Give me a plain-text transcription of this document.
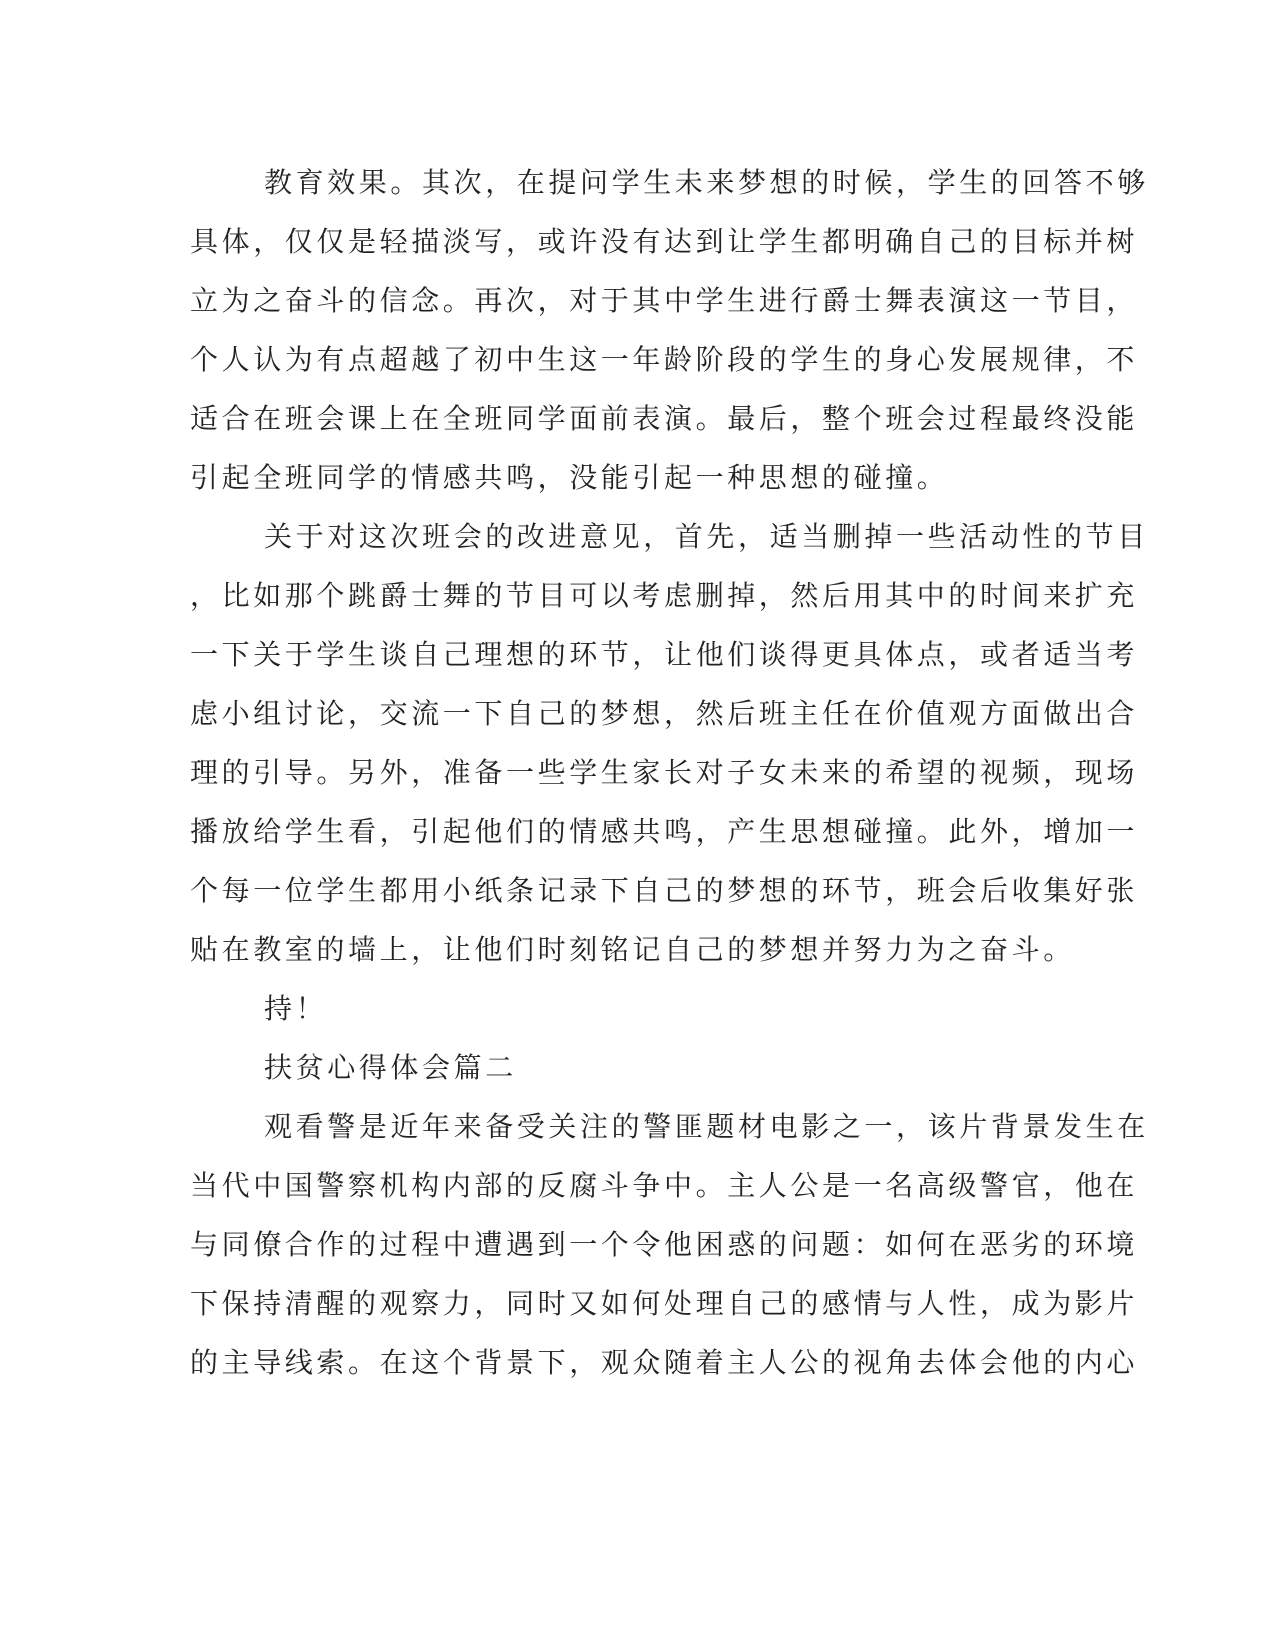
教育效果。其次，在提问学生未来梦想的时候，学生的回答不够
具体，仅仅是轻描淡写，或许没有达到让学生都明确自己的目标并树
立为之奋斗的信念。再次，对于其中学生进行爵士舞表演这一节目，
个人认为有点超越了初中生这一年龄阶段的学生的身心发展规律，不
适合在班会课上在全班同学面前表演。最后，整个班会过程最终没能
引起全班同学的情感共鸣，没能引起一种思想的碰撞。
关于对这次班会的改进意见，首先，适当删掉一些活动性的节目
，比如那个跳爵士舞的节目可以考虑删掉，然后用其中的时间来扩充
一下关于学生谈自己理想的环节，让他们谈得更具体点，或者适当考
虑小组讨论，交流一下自己的梦想，然后班主任在价值观方面做出合
理的引导。另外，准备一些学生家长对子女未来的希望的视频，现场
播放给学生看，引起他们的情感共鸣，产生思想碰撞。此外，增加一
个每一位学生都用小纸条记录下自己的梦想的环节，班会后收集好张
贴在教室的墙上，让他们时刻铭记自己的梦想并努力为之奋斗。
持！
扶贫心得体会篇二
观看警是近年来备受关注的警匪题材电影之一，该片背景发生在
当代中国警察机构内部的反腐斗争中。主人公是一名高级警官，他在
与同僚合作的过程中遭遇到一个令他困惑的问题：如何在恶劣的环境
下保持清醒的观察力，同时又如何处理自己的感情与人性，成为影片
的主导线索。在这个背景下，观众随着主人公的视角去体会他的内心
